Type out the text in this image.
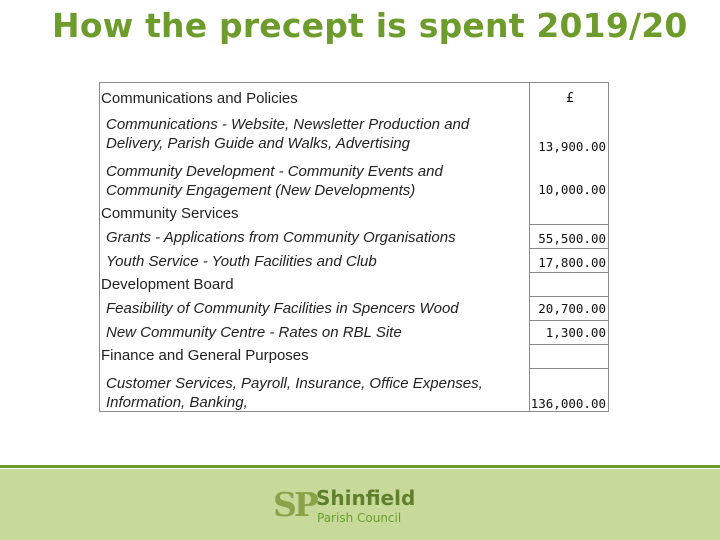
How the precept is spent 2019/20
£
Communications and Policies
Communications - Website, Newsletter Production and
Delivery, Parish Guide and Walks, Advertising	13,900.00
Community Development - Community Events and
Community Engagement (New Developments)	10,000.00
Community Services
Grants - Applications from Community Organisations	55,500.00
Youth Service - Youth Facilities and Club	17,800.00
Development Board
Feasibility of Community Facilities in Spencers Wood	20,700.00
New Community Centre - Rates on RBL Site	1,300.00
Finance and General Purposes
Customer Services, Payroll, Insurance, Office Expenses,
Information, Banking,	136,000.00
SP Shinfield
Parish Council
